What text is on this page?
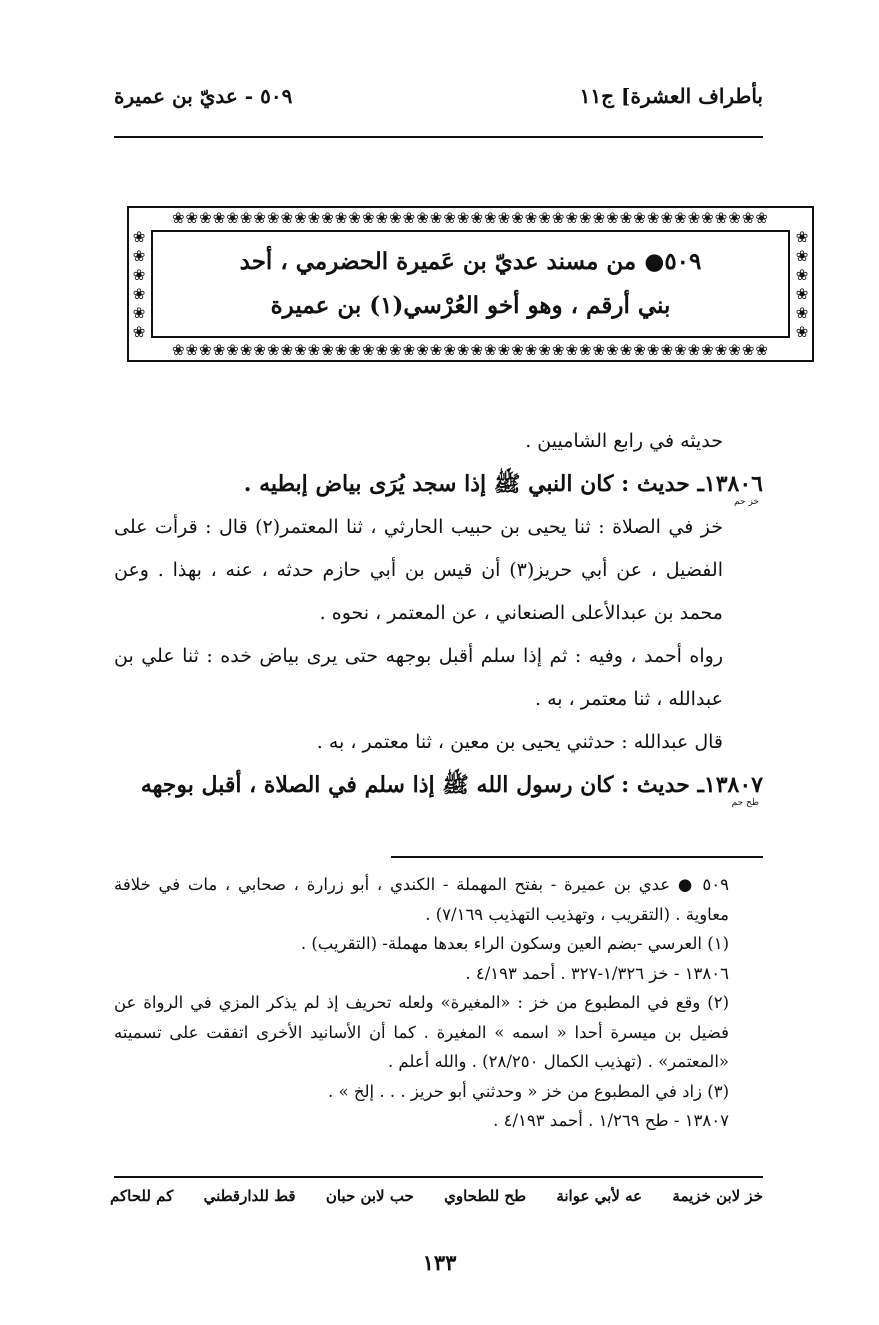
بأطراف العشرة] ج١١
٥٠٩ - عديّ بن عميرة
❀❀❀❀❀❀❀❀❀❀❀❀❀❀❀❀❀❀❀❀❀❀❀❀❀❀❀❀❀❀❀❀❀❀❀❀❀❀❀❀❀❀❀❀
❀❀❀❀❀❀❀❀❀❀❀❀❀❀❀❀❀❀❀❀❀❀❀❀❀❀❀❀❀❀❀❀❀❀❀❀❀❀❀❀❀❀❀❀
❀
❀
❀
❀
❀
❀
❀
❀
❀
❀
❀
❀
٥٠٩● من مسند عديّ بن عَميرة الحضرمي ، أحد
بني أرقم ، وهو أخو العُرْسي(١) بن عميرة

حديثه في رابع الشاميين .

١٣٨٠٦ـ حديث : كان النبي ﷺ إذا سجد يُرَى بياض إبطيه .
خز حم

خز في الصلاة : ثنا يحيى بن حبيب الحارثي ، ثنا المعتمر(٢) قال : قرأت على الفضيل ، عن أبي حريز(٣) أن قيس بن أبي حازم حدثه ، عنه ، بهذا . وعن محمد بن عبدالأعلى الصنعاني ، عن المعتمر ، نحوه .

رواه أحمد ، وفيه : ثم إذا سلم أقبل بوجهه حتى يرى بياض خده : ثنا علي بن عبدالله ، ثنا معتمر ، به .

قال عبدالله : حدثني يحيى بن معين ، ثنا معتمر ، به .

١٣٨٠٧ـ حديث : كان رسول الله ﷺ إذا سلم في الصلاة ، أقبل بوجهه
طح حم

٥٠٩ ● عدي بن عميرة - بفتح المهملة - الكندي ، أبو زرارة ، صحابي ، مات في خلافة معاوية . (التقريب ، وتهذيب التهذيب ٧/١٦٩) .

(١) العرسي -بضم العين وسكون الراء بعدها مهملة- (التقريب) .

١٣٨٠٦ - خز ١/٣٢٦-٣٢٧ . أحمد ٤/١٩٣ .

(٢) وقع في المطبوع من خز : «المغيرة» ولعله تحريف إذ لم يذكر المزي في الرواة عن فضيل بن ميسرة أحدا « اسمه » المغيرة . كما أن الأسانيد الأخرى اتفقت على تسميته «المعتمر» . (تهذيب الكمال ٢٨/٢٥٠) . والله أعلم .

(٣) زاد في المطبوع من خز « وحدثني أبو حريز . . . إلخ » .

١٣٨٠٧ - طح ١/٢٦٩ . أحمد ٤/١٩٣ .

خز لابن خزيمة
عه لأبي عوانة
طح للطحاوي
حب لابن حبان
قط للدارقطني
كم للحاكم
١٣٣
